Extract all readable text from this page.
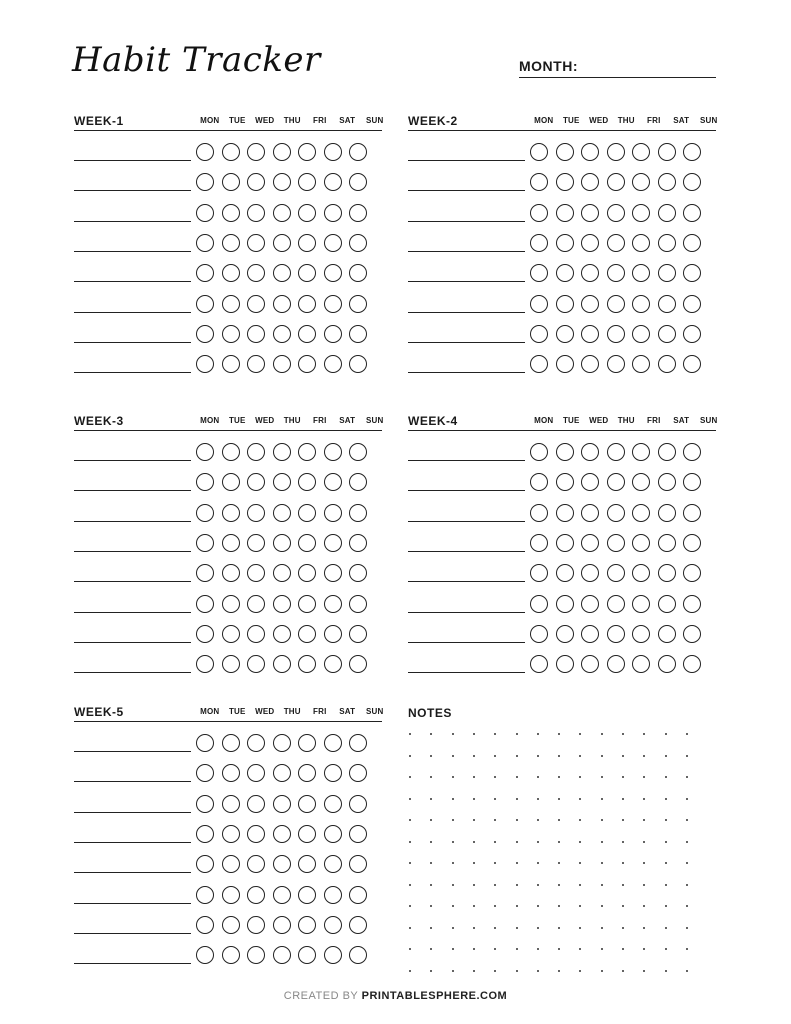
Habit Tracker	MONTH:
WEEK-1	MON	TUE	WED	THU	FRI	SAT	SUN	WEEK-2	MON	TUE	WED	THU	FRI	SAT	SUN
WEEK-3	MON	TUE	WED	THU	FRI	SAT	SUN	WEEK-4	MON	TUE	WED	THU	FRI	SAT	SUN
WEEK-5	MON	TUE	WED	THU	FRI	SAT	SUN	NOTES
CREATED BY PRINTABLESPHERE.COM
